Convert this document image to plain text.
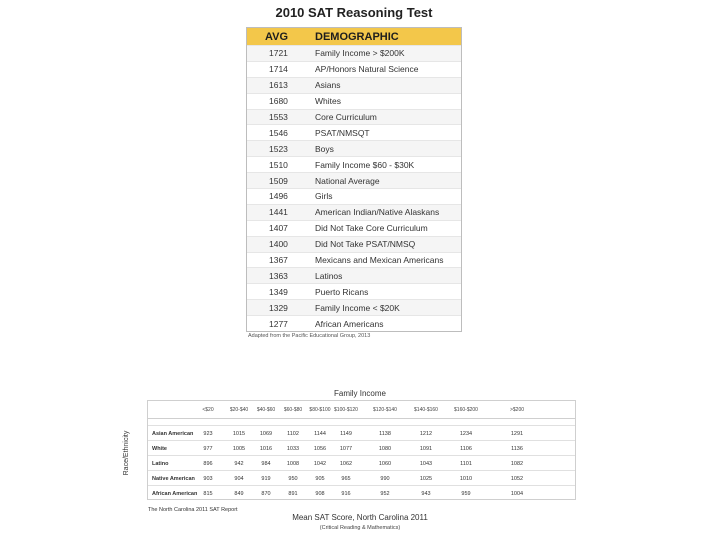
2010 SAT Reasoning Test
AVG	DEMOGRAPHIC
1721	Family Income > $200K
1714	AP/Honors Natural Science
1613	Asians
1680	Whites
1553	Core Curriculum
1546	PSAT/NMSQT
1523	Boys
1510	Family Income $60 - $30K
1509	National Average
1496	Girls
1441	American Indian/Native Alaskans
1407	Did Not Take Core Curriculum
1400	Did Not Take PSAT/NMSQ
1367	Mexicans and Mexican Americans
1363	Latinos
1349	Puerto Ricans
1329	Family Income < $20K
1277	African Americans
Adapted from the Pacific Educational Group, 2013
Family Income
<$20	$20-$40	$40-$60	$60-$80	$80-$100 $100-$120	$120-$140	$140-$160	$160-$200	>$200
Asian American	923	1015	1069	1102	1144	1149	1138	1212	1234	1291
White	977	1005	1016	1033	1056	1077	1080	1091	1106	1136
Latino	896	942	984	1008	1042	1062	1060	1043	1101	1082
Native American	903	904	919	950	905	965	990	1025	1010	1052
African American	815	849	870	891	908	916	952	943	959	1004
Race/Ethnicity
The North Carolina 2011 SAT Report
Mean SAT Score, North Carolina 2011
(Critical Reading & Mathematics)
